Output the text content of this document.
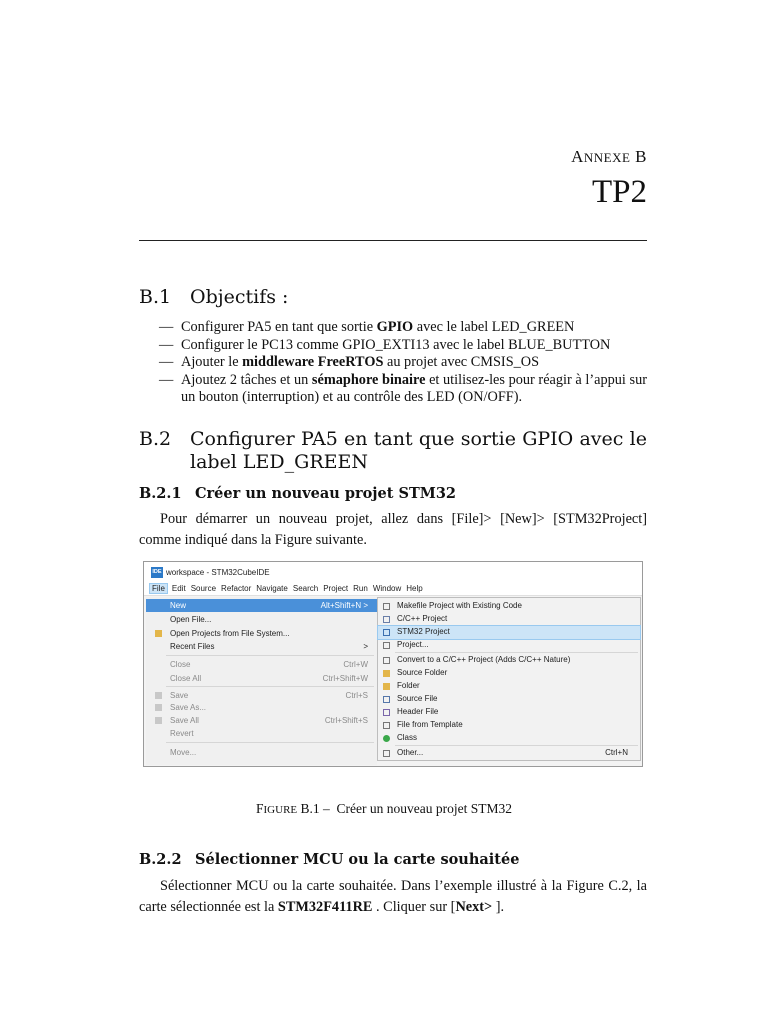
ANNEXE B
TP2
B.1 Objectifs :
— Configurer PA5 en tant que sortie GPIO avec le label LED_GREEN
— Configurer le PC13 comme GPIO_EXTI13 avec le label BLUE_BUTTON
— Ajouter le middleware FreeRTOS au projet avec CMSIS_OS
— Ajoutez 2 tâches et un sémaphore binaire et utilisez-les pour réagir à l’appui sur un bouton (interruption) et au contrôle des LED (ON/OFF).
B.2 Configurer PA5 en tant que sortie GPIO avec le label LED_GREEN
B.2.1 Créer un nouveau projet STM32
Pour démarrer un nouveau projet, allez dans [File]> [New]> [STM32Project] comme indiqué dans la Figure suivante.
IDE workspace - STM32CubeIDE
File Edit Source Refactor Navigate Search Project Run Window Help
New	Alt+Shift+N >
Open File...
Open Projects from File System...
Recent Files	>
Close	Ctrl+W
Close All	Ctrl+Shift+W
Save	Ctrl+S
Save As...
Save All	Ctrl+Shift+S
Revert
Move...
Makefile Project with Existing Code
C/C++ Project
STM32 Project
Project...
Convert to a C/C++ Project (Adds C/C++ Nature)
Source Folder
Folder
Source File
Header File
File from Template
Class
Other...	Ctrl+N
FIGURE B.1 – Créer un nouveau projet STM32
B.2.2 Sélectionner MCU ou la carte souhaitée
Sélectionner MCU ou la carte souhaitée. Dans l’exemple illustré à la Figure C.2, la carte sélectionnée est la STM32F411RE . Cliquer sur [Next> ].
